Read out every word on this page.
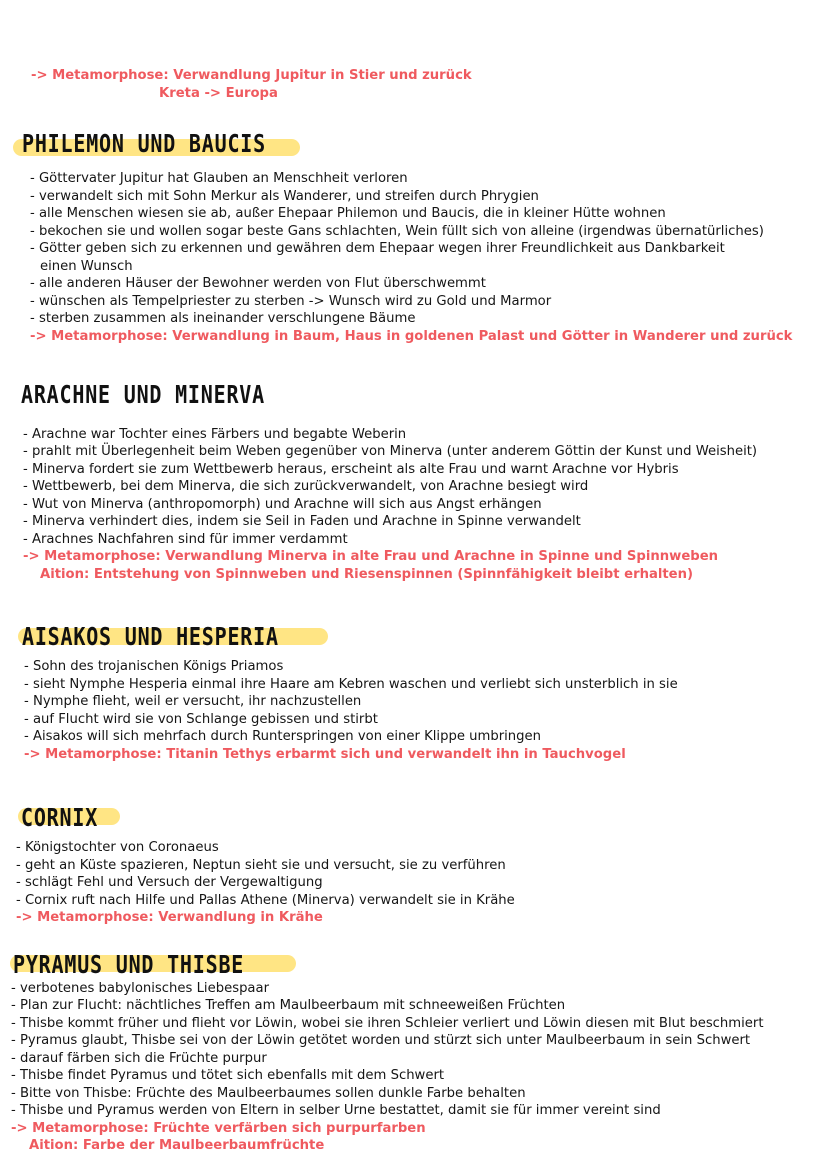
-> Metamorphose: Verwandlung Jupitur in Stier und zurück
Kreta -> Europa
PHILEMON UND BAUCIS
- Göttervater Jupitur hat Glauben an Menschheit verloren
- verwandelt sich mit Sohn Merkur als Wanderer, und streifen durch Phrygien
- alle Menschen wiesen sie ab, außer Ehepaar Philemon und Baucis, die in kleiner Hütte wohnen
- bekochen sie und wollen sogar beste Gans schlachten, Wein füllt sich von alleine (irgendwas übernatürliches)
- Götter geben sich zu erkennen und gewähren dem Ehepaar wegen ihrer Freundlichkeit aus Dankbarkeit
einen Wunsch
- alle anderen Häuser der Bewohner werden von Flut überschwemmt
- wünschen als Tempelpriester zu sterben -> Wunsch wird zu Gold und Marmor
- sterben zusammen als ineinander verschlungene Bäume
-> Metamorphose: Verwandlung in Baum, Haus in goldenen Palast und Götter in Wanderer und zurück
ARACHNE UND MINERVA
- Arachne war Tochter eines Färbers und begabte Weberin
- prahlt mit Überlegenheit beim Weben gegenüber von Minerva (unter anderem Göttin der Kunst und Weisheit)
- Minerva fordert sie zum Wettbewerb heraus, erscheint als alte Frau und warnt Arachne vor Hybris
- Wettbewerb, bei dem Minerva, die sich zurückverwandelt, von Arachne besiegt wird
- Wut von Minerva (anthropomorph) und Arachne will sich aus Angst erhängen
- Minerva verhindert dies, indem sie Seil in Faden und Arachne in Spinne verwandelt
- Arachnes Nachfahren sind für immer verdammt
-> Metamorphose: Verwandlung Minerva in alte Frau und Arachne in Spinne und Spinnweben
Aition: Entstehung von Spinnweben und Riesenspinnen (Spinnfähigkeit bleibt erhalten)
AISAKOS UND HESPERIA
- Sohn des trojanischen Königs Priamos
- sieht Nymphe Hesperia einmal ihre Haare am Kebren waschen und verliebt sich unsterblich in sie
- Nymphe flieht, weil er versucht, ihr nachzustellen
- auf Flucht wird sie von Schlange gebissen und stirbt
- Aisakos will sich mehrfach durch Runterspringen von einer Klippe umbringen
-> Metamorphose: Titanin Tethys erbarmt sich und verwandelt ihn in Tauchvogel
CORNIX
- Königstochter von Coronaeus
- geht an Küste spazieren, Neptun sieht sie und versucht, sie zu verführen
- schlägt Fehl und Versuch der Vergewaltigung
- Cornix ruft nach Hilfe und Pallas Athene (Minerva) verwandelt sie in Krähe
-> Metamorphose: Verwandlung in Krähe
PYRAMUS UND THISBE
- verbotenes babylonisches Liebespaar
- Plan zur Flucht: nächtliches Treffen am Maulbeerbaum mit schneeweißen Früchten
- Thisbe kommt früher und flieht vor Löwin, wobei sie ihren Schleier verliert und Löwin diesen mit Blut beschmiert
- Pyramus glaubt, Thisbe sei von der Löwin getötet worden und stürzt sich unter Maulbeerbaum in sein Schwert
- darauf färben sich die Früchte purpur
- Thisbe findet Pyramus und tötet sich ebenfalls mit dem Schwert
- Bitte von Thisbe: Früchte des Maulbeerbaumes sollen dunkle Farbe behalten
- Thisbe und Pyramus werden von Eltern in selber Urne bestattet, damit sie für immer vereint sind
-> Metamorphose: Früchte verfärben sich purpurfarben
Aition: Farbe der Maulbeerbaumfrüchte
